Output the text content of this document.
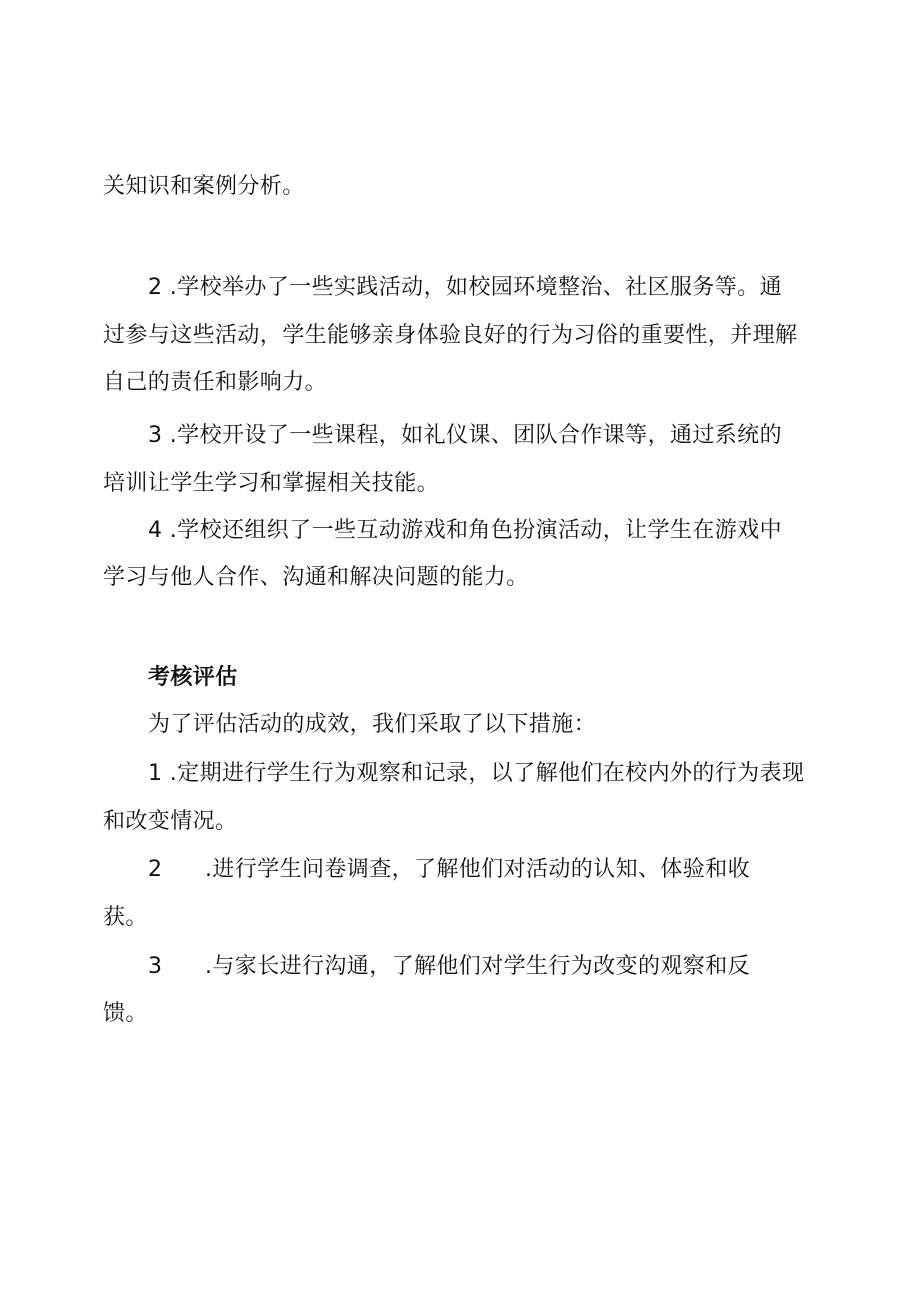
关知识和案例分析。
2 .学校举办了一些实践活动，如校园环境整治、社区服务等。通
过参与这些活动，学生能够亲身体验良好的行为习俗的重要性，并理解
自己的责任和影响力。
3 .学校开设了一些课程，如礼仪课、团队合作课等，通过系统的
培训让学生学习和掌握相关技能。
4 .学校还组织了一些互动游戏和角色扮演活动，让学生在游戏中
学习与他人合作、沟通和解决问题的能力。
考核评估
为了评估活动的成效，我们采取了以下措施：
1 .定期进行学生行为观察和记录，以了解他们在校内外的行为表现
和改变情况。
2 .进行学生问卷调查，了解他们对活动的认知、体验和收
获。
3 .与家长进行沟通，了解他们对学生行为改变的观察和反
馈。
